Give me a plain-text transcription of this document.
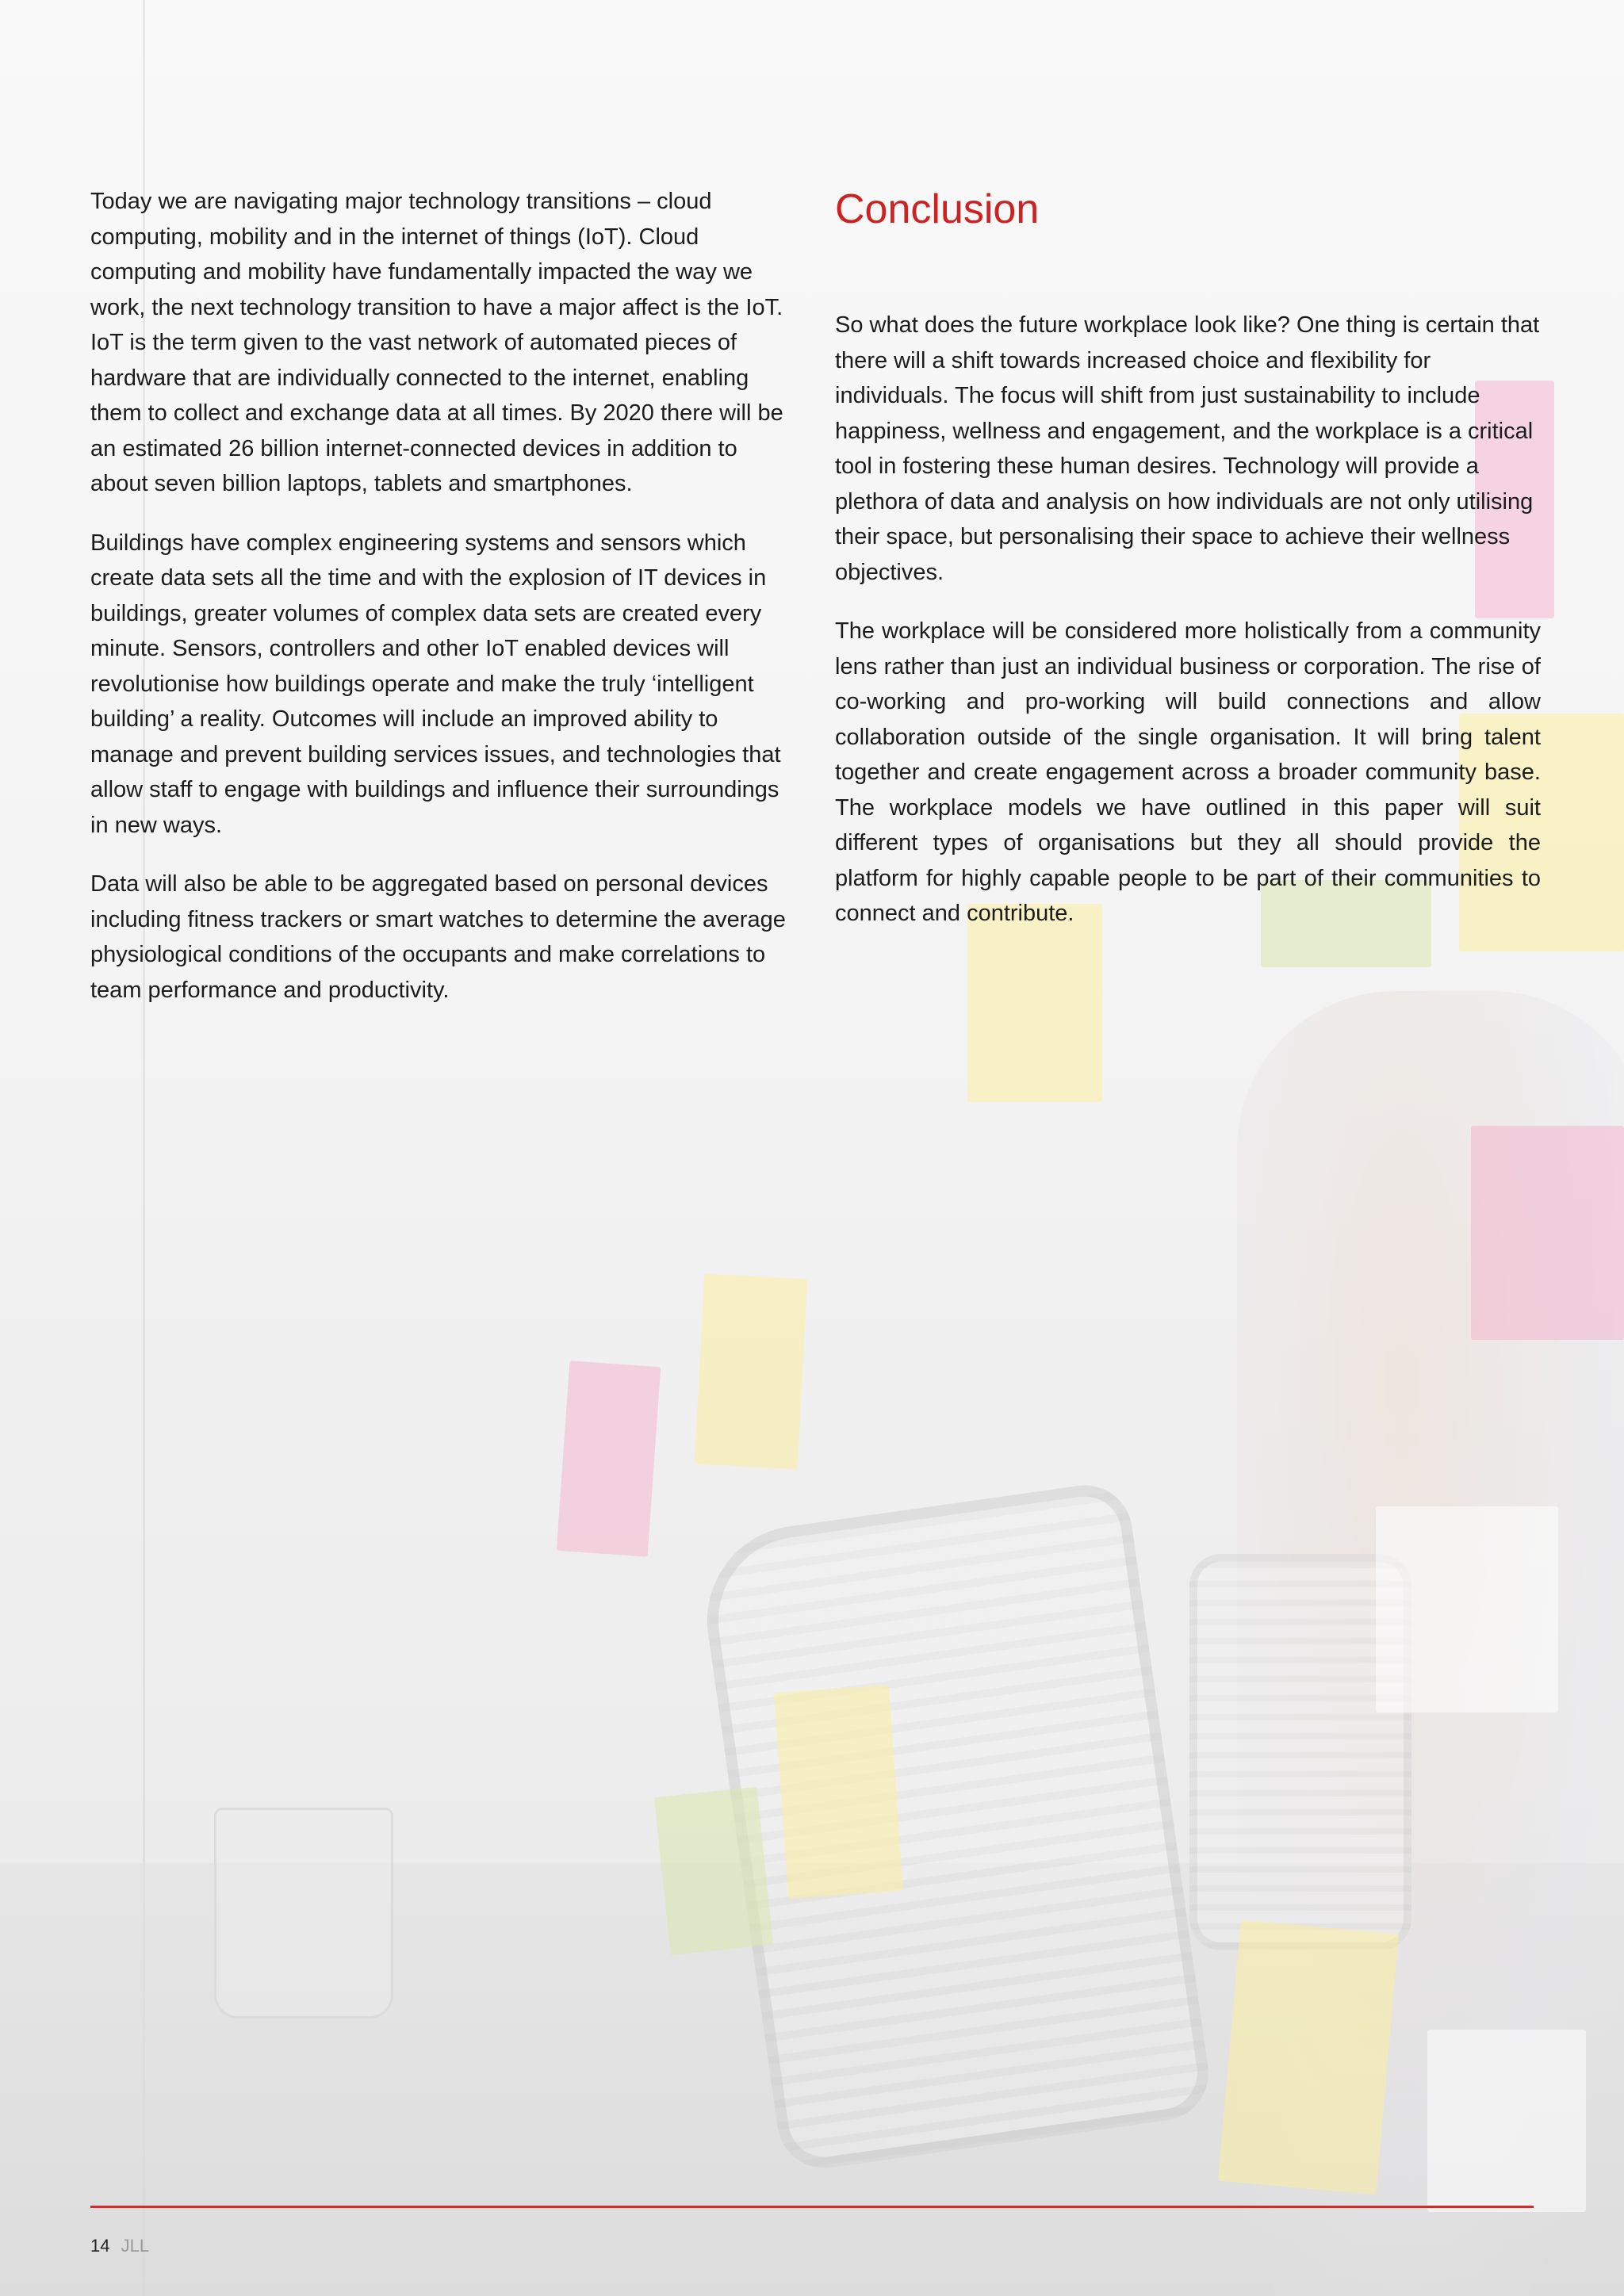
Today we are navigating major technology transitions – cloud computing, mobility and in the internet of things (IoT). Cloud computing and mobility have fundamentally impacted the way we work, the next technology transition to have a major affect is the IoT. IoT is the term given to the vast network of automated pieces of hardware that are individually connected to the internet, enabling them to collect and exchange data at all times. By 2020 there will be an estimated 26 billion internet-connected devices in addition to about seven billion laptops, tablets and smartphones.

Buildings have complex engineering systems and sensors which create data sets all the time and with the explosion of IT devices in buildings, greater volumes of complex data sets are created every minute. Sensors, controllers and other IoT enabled devices will revolutionise how buildings operate and make the truly ‘intelligent building’ a reality. Outcomes will include an improved ability to manage and prevent building services issues, and technologies that allow staff to engage with buildings and influence their surroundings in new ways.

Data will also be able to be aggregated based on personal devices including fitness trackers or smart watches to determine the average physiological conditions of the occupants and make correlations to team performance and productivity.

Conclusion

So what does the future workplace look like? One thing is certain that there will a shift towards increased choice and flexibility for individuals. The focus will shift from just sustainability to include happiness, wellness and engagement, and the workplace is a critical tool in fostering these human desires. Technology will provide a plethora of data and analysis on how individuals are not only utilising their space, but personalising their space to achieve their wellness objectives.

The workplace will be considered more holistically from a community lens rather than just an individual business or corporation. The rise of co-working and pro-working will build connections and allow collaboration outside of the single organisation. It will bring talent together and create engagement across a broader community base. The workplace models we have outlined in this paper will suit different types of organisations but they all should provide the platform for highly capable people to be part of their communities to connect and contribute.

14 JLL
